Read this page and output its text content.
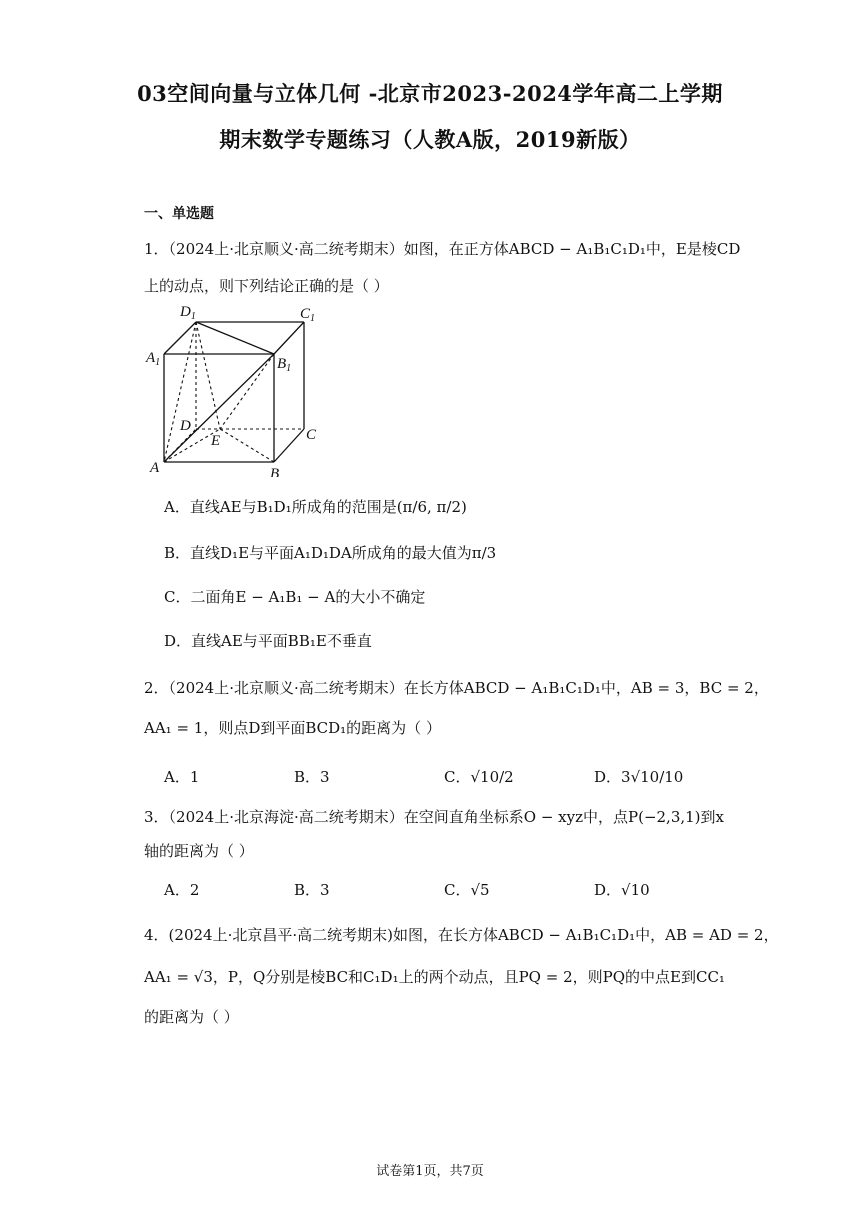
03空间向量与立体几何 -北京市2023-2024学年高二上学期
期末数学专题练习（人教A版，2019新版）
一、单选题
1．（2024上·北京顺义·高二统考期末）如图，在正方体ABCD − A₁B₁C₁D₁中，E是棱CD
上的动点，则下列结论正确的是（ ）
$D_1$	$C_1$
$A_1$	$B_1$
D
E	C
A	B
A．直线AE与B₁D₁所成角的范围是(π/6, π/2)
B．直线D₁E与平面A₁D₁DA所成角的最大值为π/3
C．二面角E − A₁B₁ − A的大小不确定
D．直线AE与平面BB₁E不垂直
2．（2024上·北京顺义·高二统考期末）在长方体ABCD − A₁B₁C₁D₁中，AB = 3，BC = 2，
AA₁ = 1，则点D到平面BCD₁的距离为（ ）
A．1	B．3	C．√10/2	D．3√10/10
3．（2024上·北京海淀·高二统考期末）在空间直角坐标系O − xyz中，点P(−2,3,1)到x
轴的距离为（ ）
A．2	B．3	C．√5	D．√10
4．(2024上·北京昌平·高二统考期末)如图，在长方体ABCD − A₁B₁C₁D₁中，AB = AD = 2，
AA₁ = √3，P，Q分别是棱BC和C₁D₁上的两个动点，且PQ = 2，则PQ的中点E到CC₁
的距离为（ ）
试卷第1页，共7页
